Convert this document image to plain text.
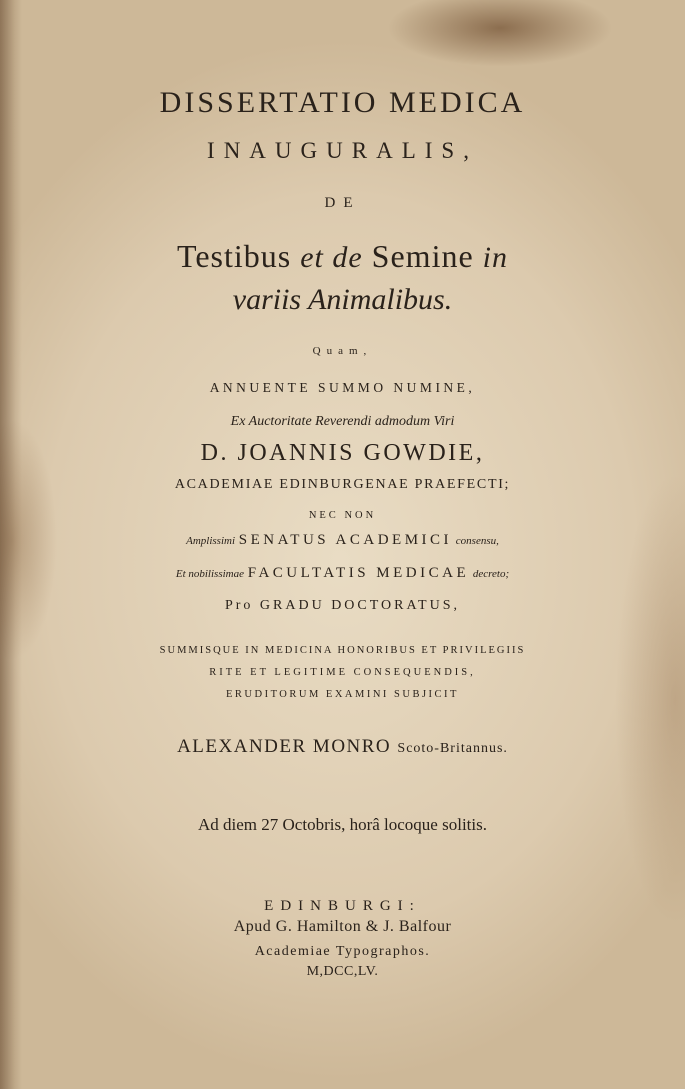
DISSERTATIO MEDICA
INAUGURALIS,
DE
Testibus et de Semine in
variis Animalibus.
Quam,
ANNUENTE SUMMO NUMINE,
Ex Auctoritate Reverendi admodum Viri
D. JOANNIS GOWDIE,
ACADEMIAE EDINBURGENAE PRAEFECTI;
NEC NON
Amplissimi SENATUS ACADEMICI consensu,
Et nobilissimae FACULTATIS MEDICAE decreto;
Pro GRADU DOCTORATUS,
SUMMISQUE IN MEDICINA HONORIBUS ET PRIVILEGIIS
RITE ET LEGITIME CONSEQUENDIS,
ERUDITORUM EXAMINI SUBJICIT
ALEXANDER MONRO Scoto-Britannus.
Ad diem 27 Octobris, horâ locoque solitis.
EDINBURGI:
Apud G. Hamilton & J. Balfour
Academiae Typographos.
M,DCC,LV.
